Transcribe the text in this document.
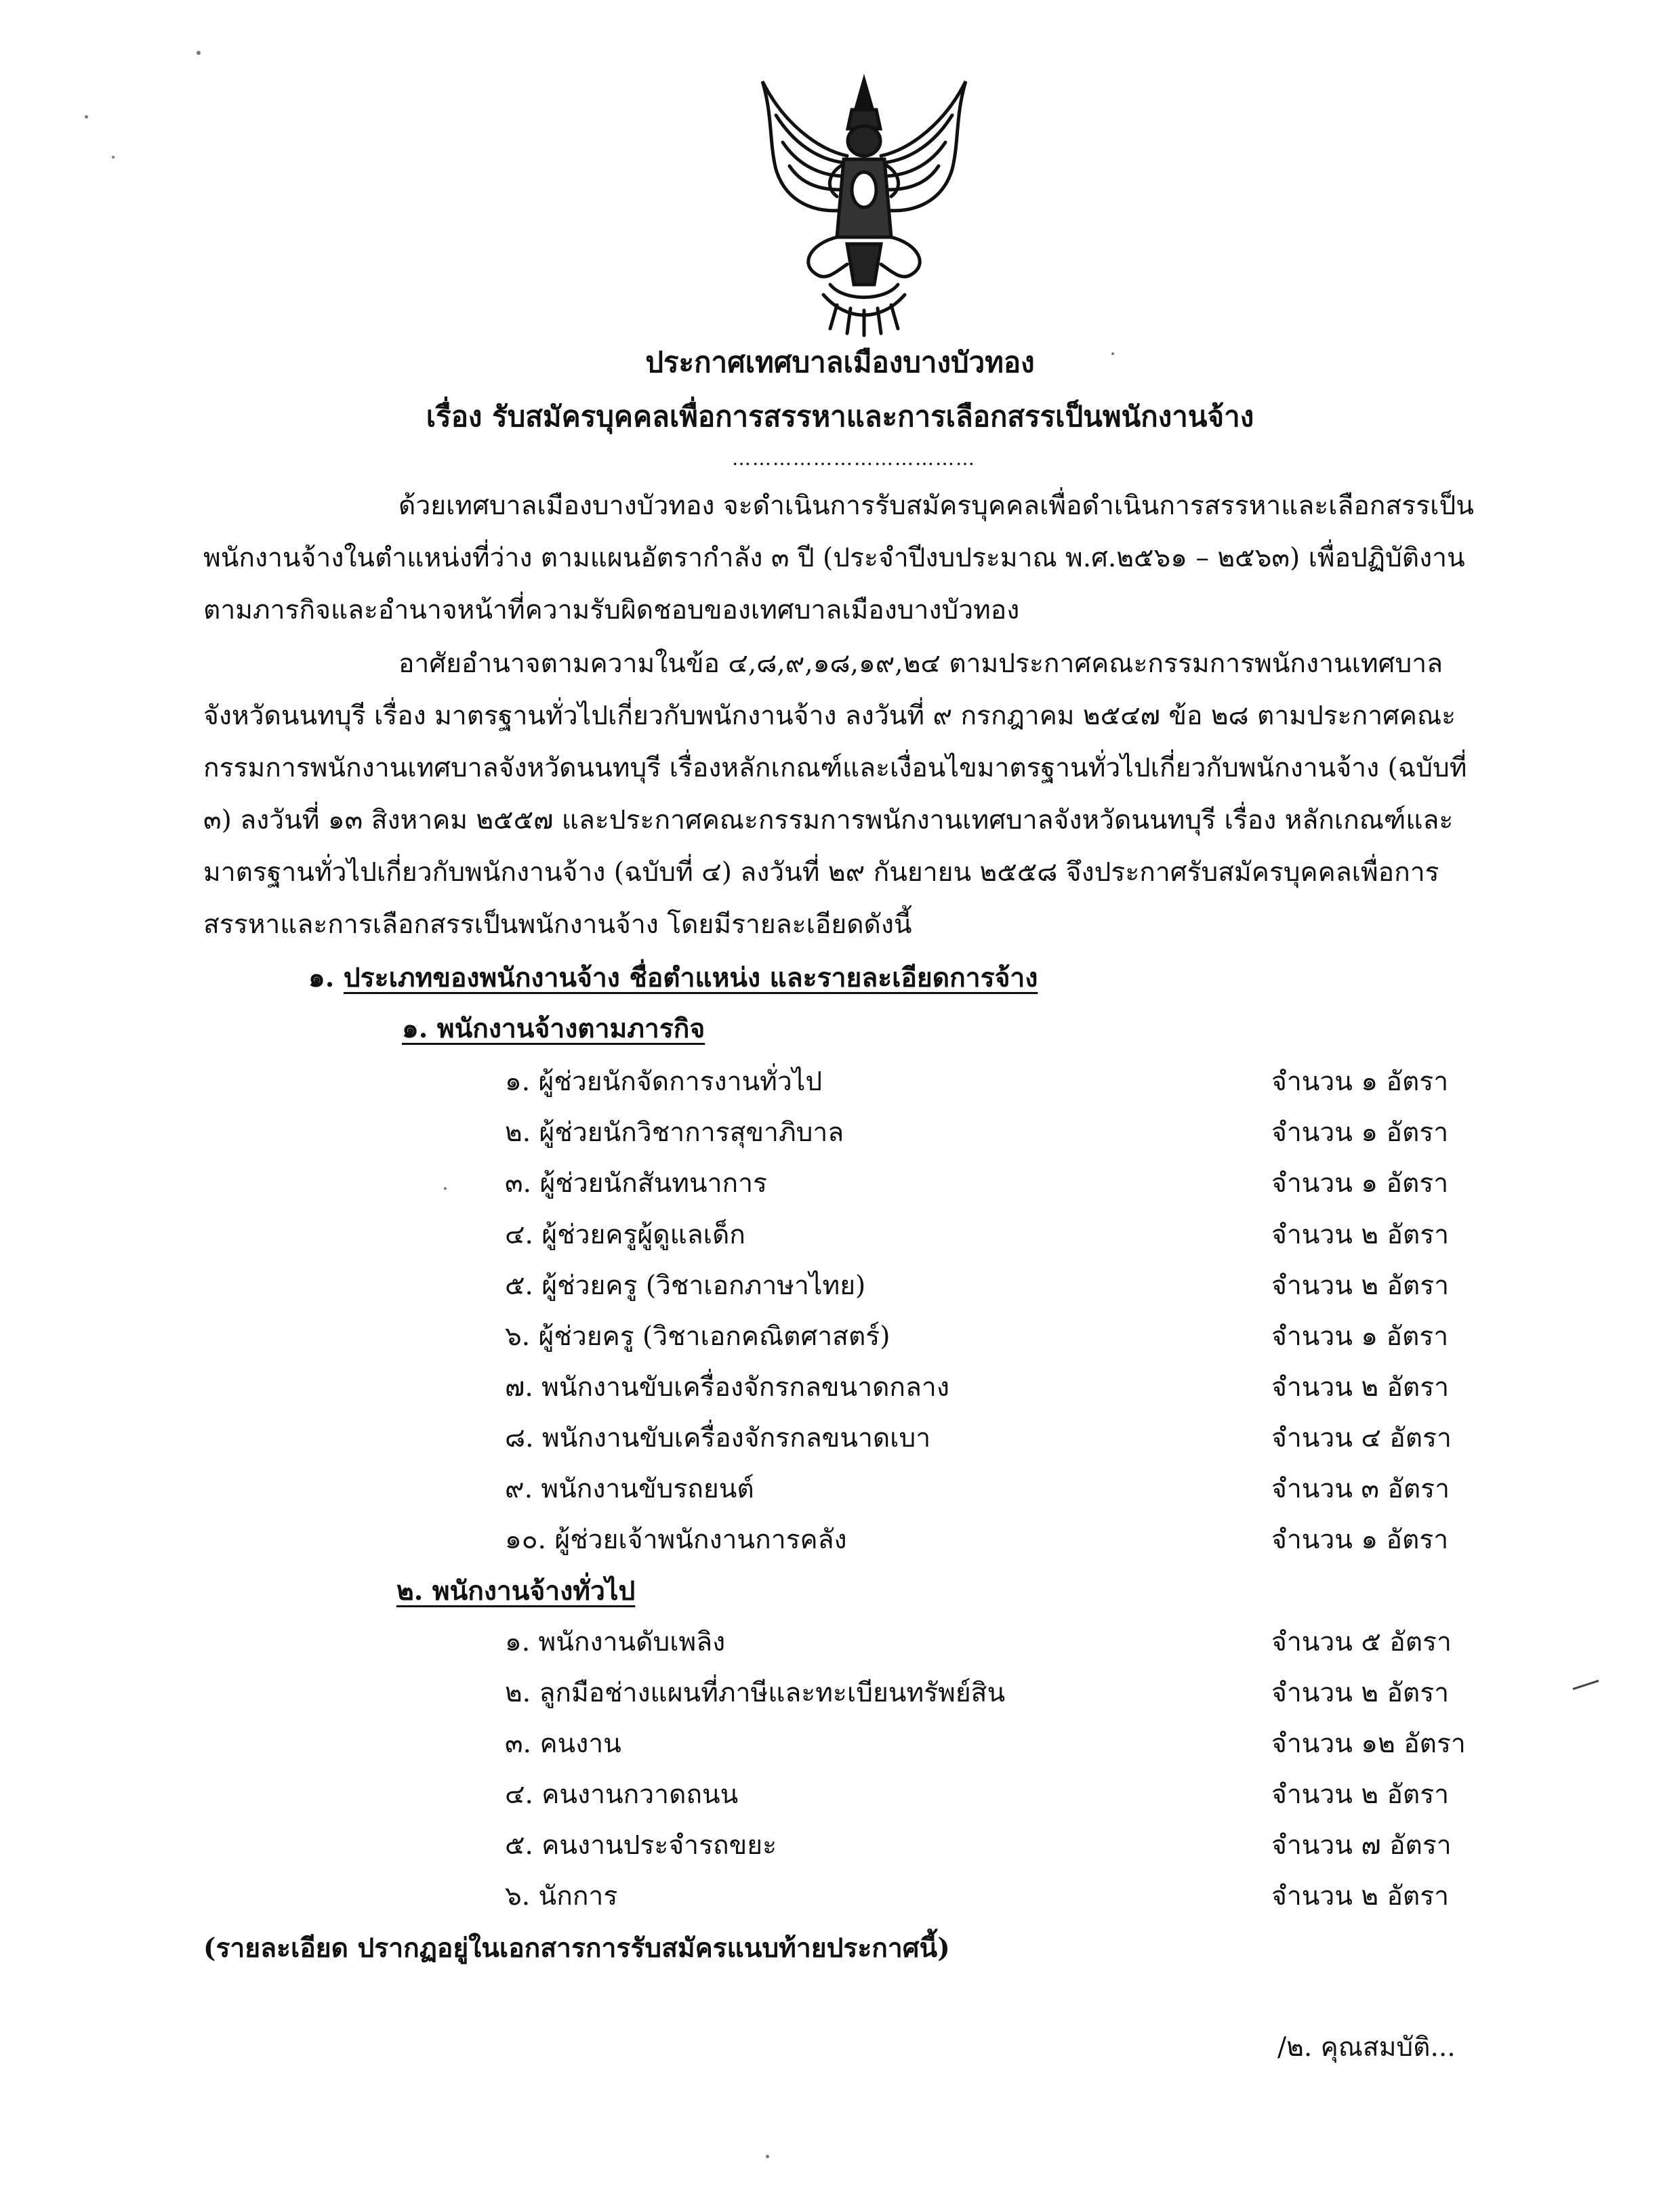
ประกาศเทศบาลเมืองบางบัวทอง
เรื่อง รับสมัครบุคคลเพื่อการสรรหาและการเลือกสรรเป็นพนักงานจ้าง
………………………………

ด้วยเทศบาลเมืองบางบัวทอง จะดำเนินการรับสมัครบุคคลเพื่อดำเนินการสรรหาและเลือกสรรเป็นพนักงานจ้างในตำแหน่งที่ว่าง ตามแผนอัตรากำลัง ๓ ปี (ประจำปีงบประมาณ พ.ศ.๒๕๖๑ – ๒๕๖๓) เพื่อปฏิบัติงานตามภารกิจและอำนาจหน้าที่ความรับผิดชอบของเทศบาลเมืองบางบัวทอง

อาศัยอำนาจตามความในข้อ ๔,๘,๙,๑๘,๑๙,๒๔ ตามประกาศคณะกรรมการพนักงานเทศบาลจังหวัดนนทบุรี เรื่อง มาตรฐานทั่วไปเกี่ยวกับพนักงานจ้าง ลงวันที่ ๙ กรกฎาคม ๒๕๔๗ ข้อ ๒๘ ตามประกาศคณะกรรมการพนักงานเทศบาลจังหวัดนนทบุรี เรื่องหลักเกณฑ์และเงื่อนไขมาตรฐานทั่วไปเกี่ยวกับพนักงานจ้าง (ฉบับที่ ๓) ลงวันที่ ๑๓ สิงหาคม ๒๕๕๗ และประกาศคณะกรรมการพนักงานเทศบาลจังหวัดนนทบุรี เรื่อง หลักเกณฑ์และมาตรฐานทั่วไปเกี่ยวกับพนักงานจ้าง (ฉบับที่ ๔) ลงวันที่ ๒๙ กันยายน ๒๕๕๘ จึงประกาศรับสมัครบุคคลเพื่อการสรรหาและการเลือกสรรเป็นพนักงานจ้าง โดยมีรายละเอียดดังนี้

๑. ประเภทของพนักงานจ้าง ชื่อตำแหน่ง และรายละเอียดการจ้าง
๑. พนักงานจ้างตามภารกิจ
๑. ผู้ช่วยนักจัดการงานทั่วไป	จำนวน ๑ อัตรา
๒. ผู้ช่วยนักวิชาการสุขาภิบาล	จำนวน ๑ อัตรา
๓. ผู้ช่วยนักสันทนาการ	จำนวน ๑ อัตรา
๔. ผู้ช่วยครูผู้ดูแลเด็ก	จำนวน ๒ อัตรา
๕. ผู้ช่วยครู (วิชาเอกภาษาไทย)	จำนวน ๒ อัตรา
๖. ผู้ช่วยครู (วิชาเอกคณิตศาสตร์)	จำนวน ๑ อัตรา
๗. พนักงานขับเครื่องจักรกลขนาดกลาง	จำนวน ๒ อัตรา
๘. พนักงานขับเครื่องจักรกลขนาดเบา	จำนวน ๔ อัตรา
๙. พนักงานขับรถยนต์	จำนวน ๓ อัตรา
๑๐. ผู้ช่วยเจ้าพนักงานการคลัง	จำนวน ๑ อัตรา
๒. พนักงานจ้างทั่วไป
๑. พนักงานดับเพลิง	จำนวน ๕ อัตรา
๒. ลูกมือช่างแผนที่ภาษีและทะเบียนทรัพย์สิน	จำนวน ๒ อัตรา
๓. คนงาน	จำนวน ๑๒ อัตรา
๔. คนงานกวาดถนน	จำนวน ๒ อัตรา
๕. คนงานประจำรถขยะ	จำนวน ๗ อัตรา
๖. นักการ	จำนวน ๒ อัตรา
(รายละเอียด ปรากฏอยู่ในเอกสารการรับสมัครแนบท้ายประกาศนี้)
/๒. คุณสมบัติ...
